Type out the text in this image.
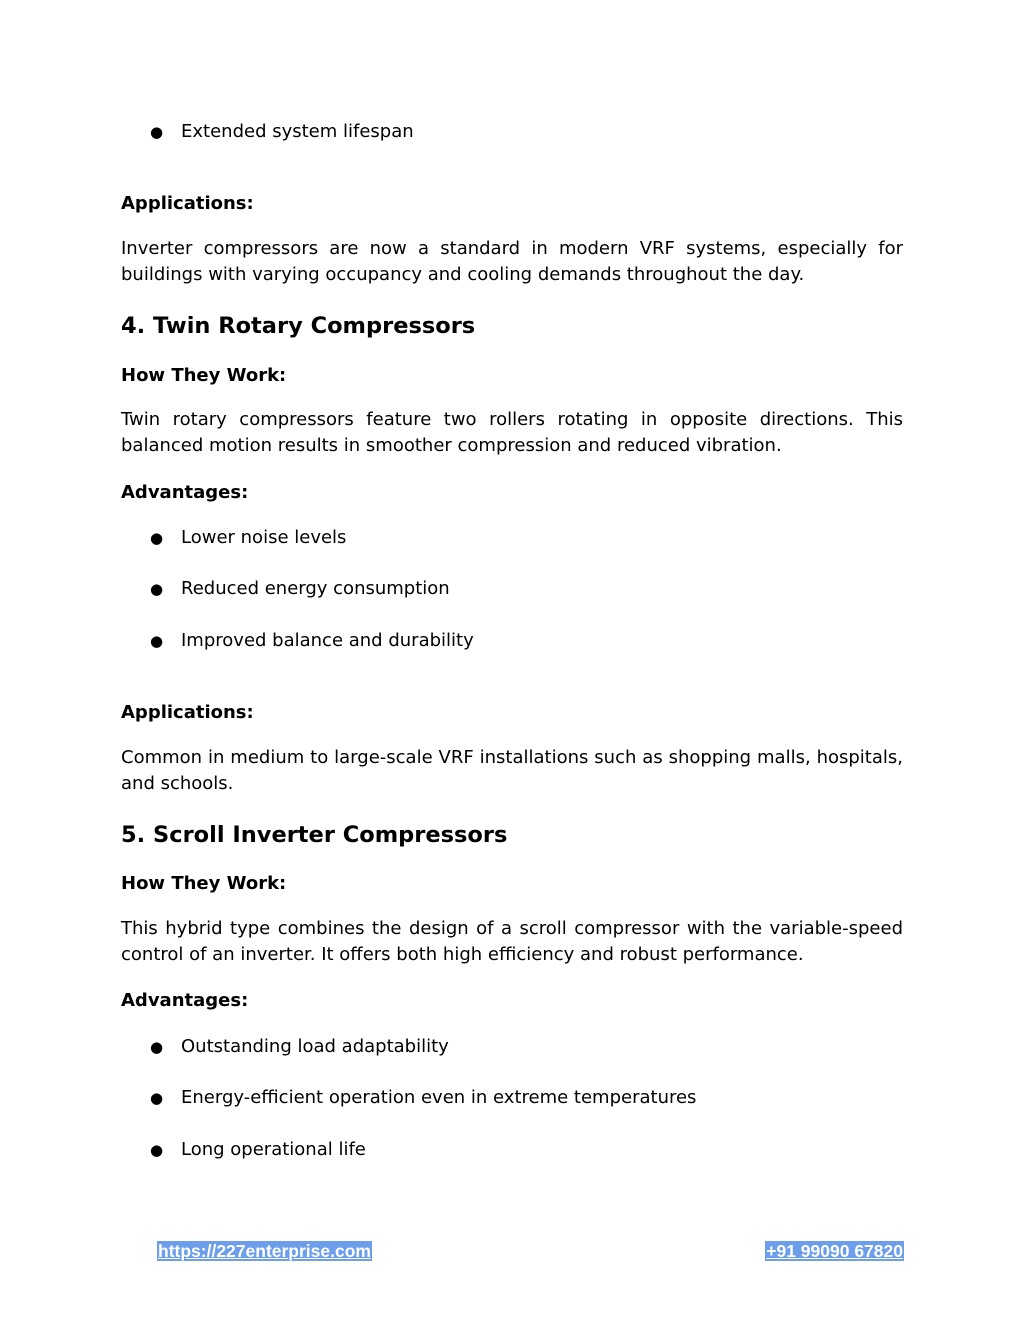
● Extended system lifespan
Applications:
Inverter compressors are now a standard in modern VRF systems, especially for buildings with varying occupancy and cooling demands throughout the day.
4. Twin Rotary Compressors
How They Work:
Twin rotary compressors feature two rollers rotating in opposite directions. This balanced motion results in smoother compression and reduced vibration.
Advantages:
● Lower noise levels
● Reduced energy consumption
● Improved balance and durability
Applications:
Common in medium to large-scale VRF installations such as shopping malls, hospitals, and schools.
5. Scroll Inverter Compressors
How They Work:
This hybrid type combines the design of a scroll compressor with the variable-speed control of an inverter. It offers both high efficiency and robust performance.
Advantages:
● Outstanding load adaptability
● Energy-efficient operation even in extreme temperatures
● Long operational life
https://227enterprise.com	+91 99090 67820
